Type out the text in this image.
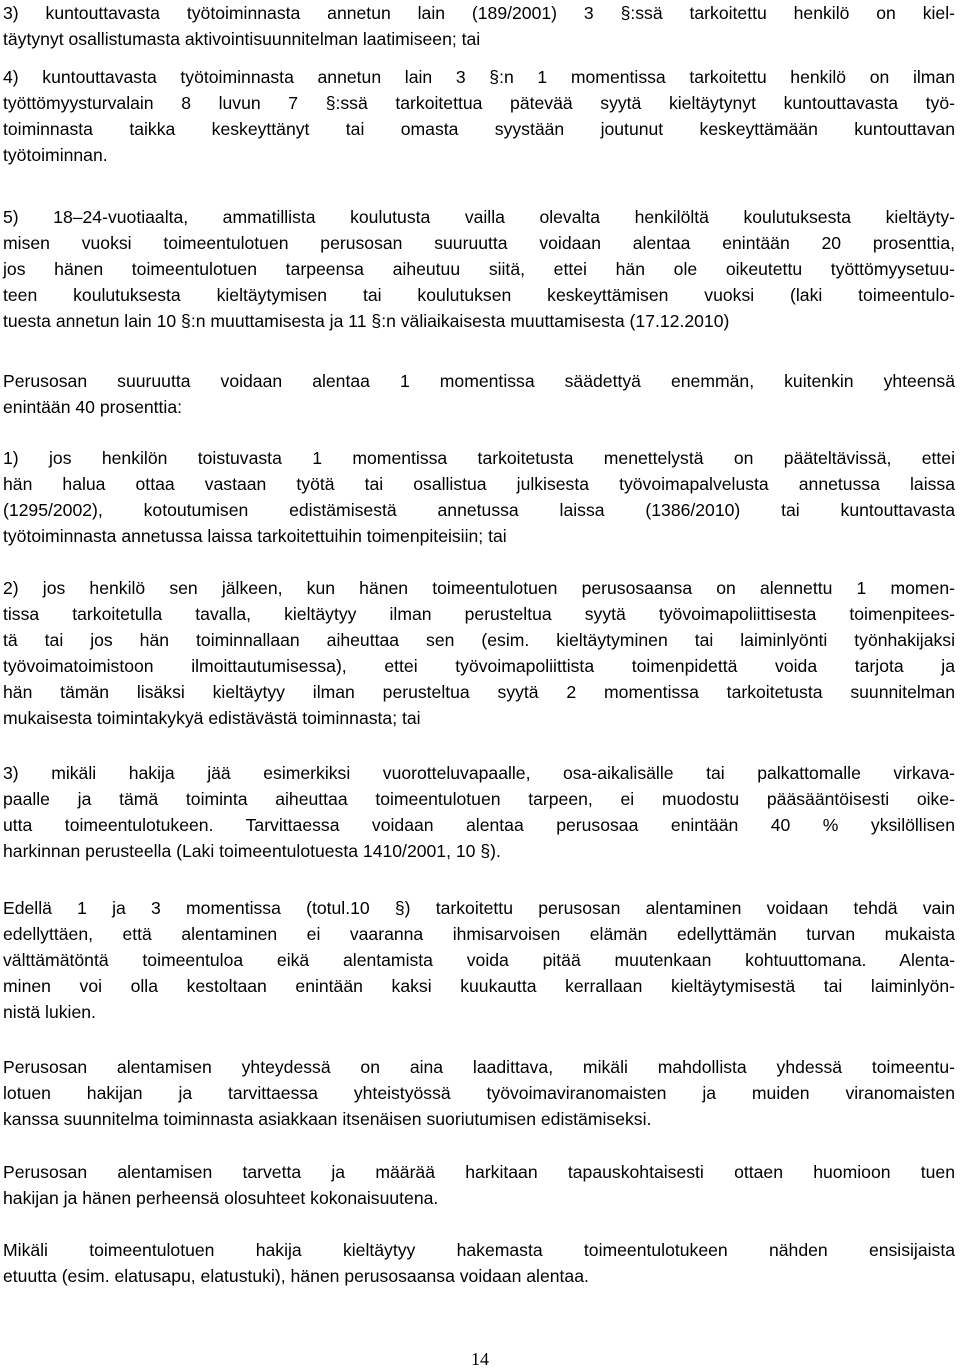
3) kuntouttavasta työtoiminnasta annetun lain (189/2001) 3 §:ssä tarkoitettu henkilö on kiel-
täytynyt osallistumasta aktivointisuunnitelman laatimiseen; tai
4) kuntouttavasta työtoiminnasta annetun lain 3 §:n 1 momentissa tarkoitettu henkilö on ilman
työttömyysturvalain 8 luvun 7 §:ssä tarkoitettua pätevää syytä kieltäytynyt kuntouttavasta työ-
toiminnasta taikka keskeyttänyt tai omasta syystään joutunut keskeyttämään kuntouttavan
työtoiminnan.
5) 18–24-vuotiaalta, ammatillista koulutusta vailla olevalta henkilöltä koulutuksesta kieltäyty-
misen vuoksi toimeentulotuen perusosan suuruutta voidaan alentaa enintään 20 prosenttia,
jos hänen toimeentulotuen tarpeensa aiheutuu siitä, ettei hän ole oikeutettu työttömyysetuu-
teen koulutuksesta kieltäytymisen tai koulutuksen keskeyttämisen vuoksi (laki toimeentulo-
tuesta annetun lain 10 §:n muuttamisesta ja 11 §:n väliaikaisesta muuttamisesta (17.12.2010)
Perusosan suuruutta voidaan alentaa 1 momentissa säädettyä enemmän, kuitenkin yhteensä
enintään 40 prosenttia:
1) jos henkilön toistuvasta 1 momentissa tarkoitetusta menettelystä on pääteltävissä, ettei
hän halua ottaa vastaan työtä tai osallistua julkisesta työvoimapalvelusta annetussa laissa
(1295/2002), kotoutumisen edistämisestä annetussa laissa (1386/2010) tai kuntouttavasta
työtoiminnasta annetussa laissa tarkoitettuihin toimenpiteisiin; tai
2) jos henkilö sen jälkeen, kun hänen toimeentulotuen perusosaansa on alennettu 1 momen-
tissa tarkoitetulla tavalla, kieltäytyy ilman perusteltua syytä työvoimapoliittisesta toimenpitees-
tä tai jos hän toiminnallaan aiheuttaa sen (esim. kieltäytyminen tai laiminlyönti työnhakijaksi
työvoimatoimistoon ilmoittautumisessa), ettei työvoimapoliittista toimenpidettä voida tarjota ja
hän tämän lisäksi kieltäytyy ilman perusteltua syytä 2 momentissa tarkoitetusta suunnitelman
mukaisesta toimintakykyä edistävästä toiminnasta; tai
3) mikäli hakija jää esimerkiksi vuorotteluvapaalle, osa-aikalisälle tai palkattomalle virkava-
paalle ja tämä toiminta aiheuttaa toimeentulotuen tarpeen, ei muodostu pääsääntöisesti oike-
utta toimeentulotukeen. Tarvittaessa voidaan alentaa perusosaa enintään 40 % yksilöllisen
harkinnan perusteella (Laki toimeentulotuesta 1410/2001, 10 §).
Edellä 1 ja 3 momentissa (totul.10 §) tarkoitettu perusosan alentaminen voidaan tehdä vain
edellyttäen, että alentaminen ei vaaranna ihmisarvoisen elämän edellyttämän turvan mukaista
välttämätöntä toimeentuloa eikä alentamista voida pitää muutenkaan kohtuuttomana. Alenta-
minen voi olla kestoltaan enintään kaksi kuukautta kerrallaan kieltäytymisestä tai laiminlyön-
nistä lukien.
Perusosan alentamisen yhteydessä on aina laadittava, mikäli mahdollista yhdessä toimeentu-
lotuen hakijan ja tarvittaessa yhteistyössä työvoimaviranomaisten ja muiden viranomaisten
kanssa suunnitelma toiminnasta asiakkaan itsenäisen suoriutumisen edistämiseksi.
Perusosan alentamisen tarvetta ja määrää harkitaan tapauskohtaisesti ottaen huomioon tuen
hakijan ja hänen perheensä olosuhteet kokonaisuutena.
Mikäli toimeentulotuen hakija kieltäytyy hakemasta toimeentulotukeen nähden ensisijaista
etuutta (esim. elatusapu, elatustuki), hänen perusosaansa voidaan alentaa.
14
